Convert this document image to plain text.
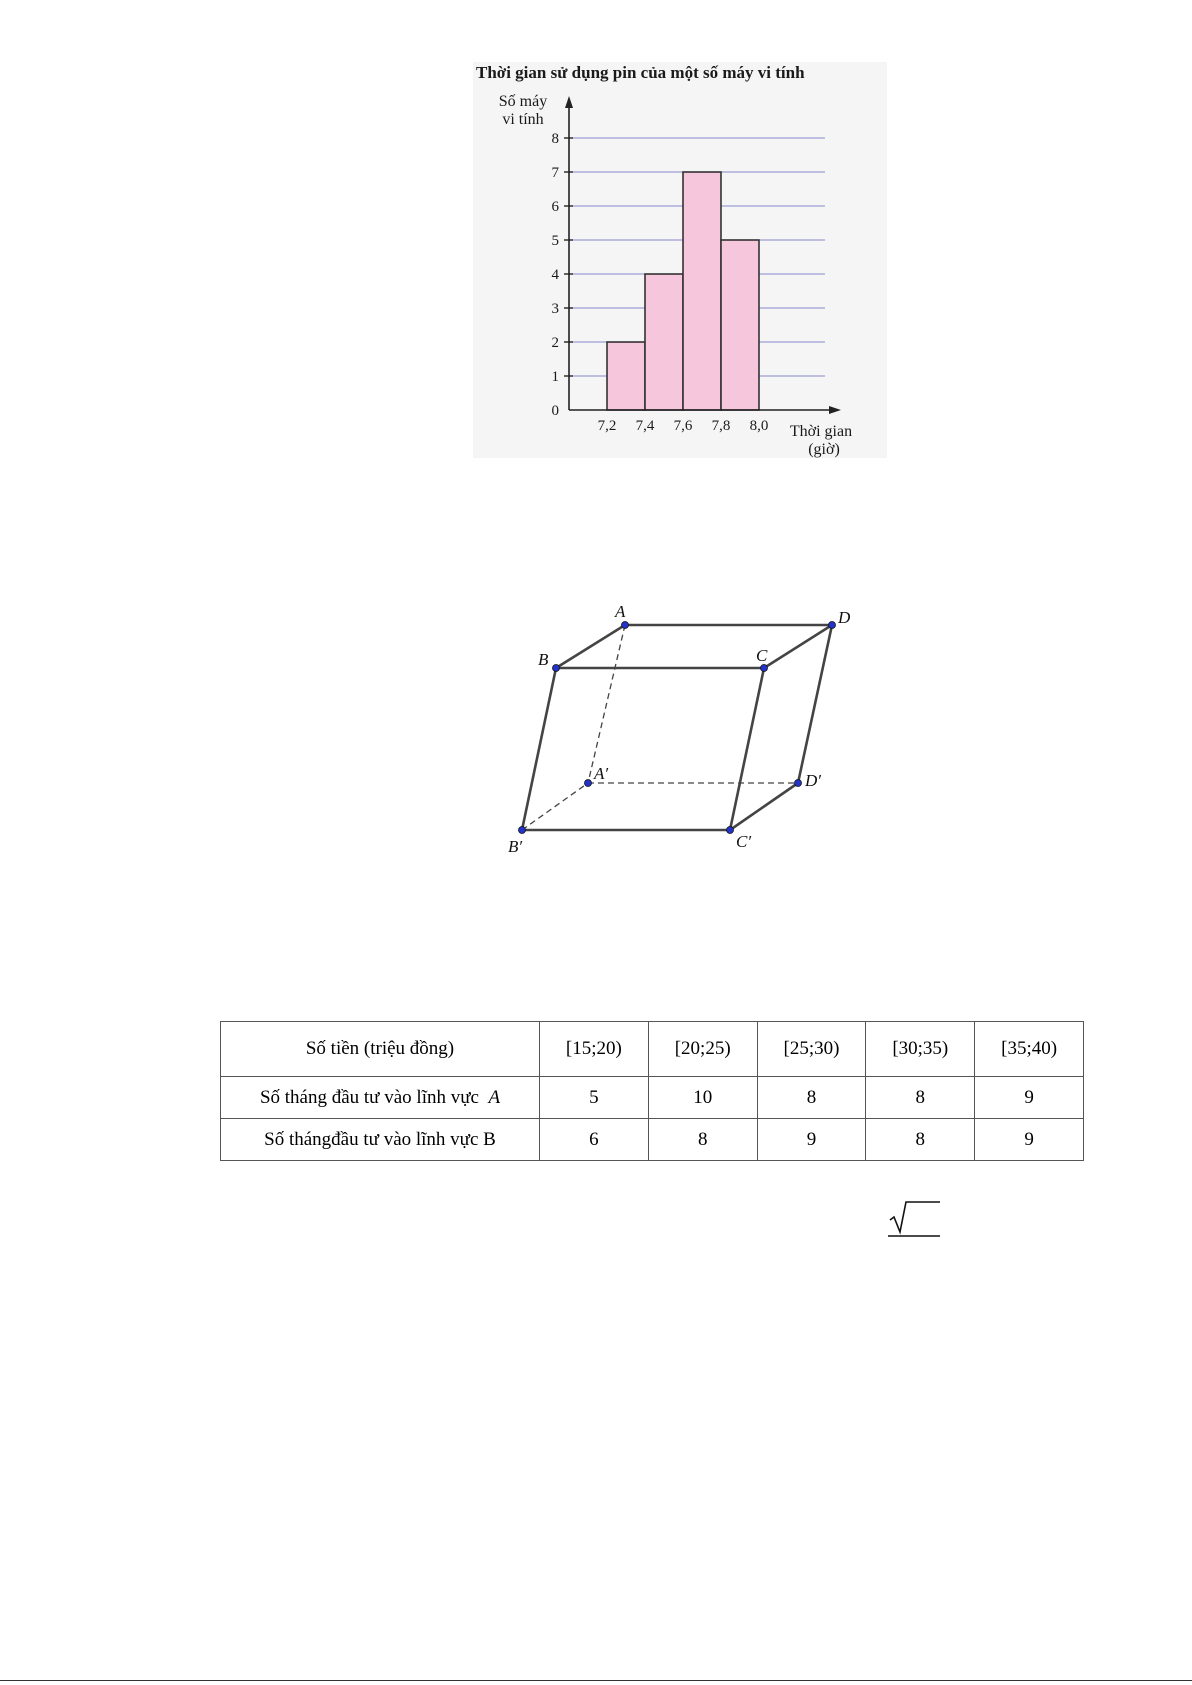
Thời gian sử dụng pin của một số máy vi tính
Số máy
vi tính
Thời gian
(giờ)
0
1
2
3
4
5
6
7
8
7,2 7,4 7,6 7,8 8,0
A	D
B	C
A′	D′
B′	C′
Số tiền (triệu đồng)	[15;20)	[20;25)	[25;30)	[30;35)	[35;40)
Số tháng đầu tư vào lĩnh vực A	5	10	8	8	9
Số thángđầu tư vào lĩnh vực B	6	8	9	8	9
